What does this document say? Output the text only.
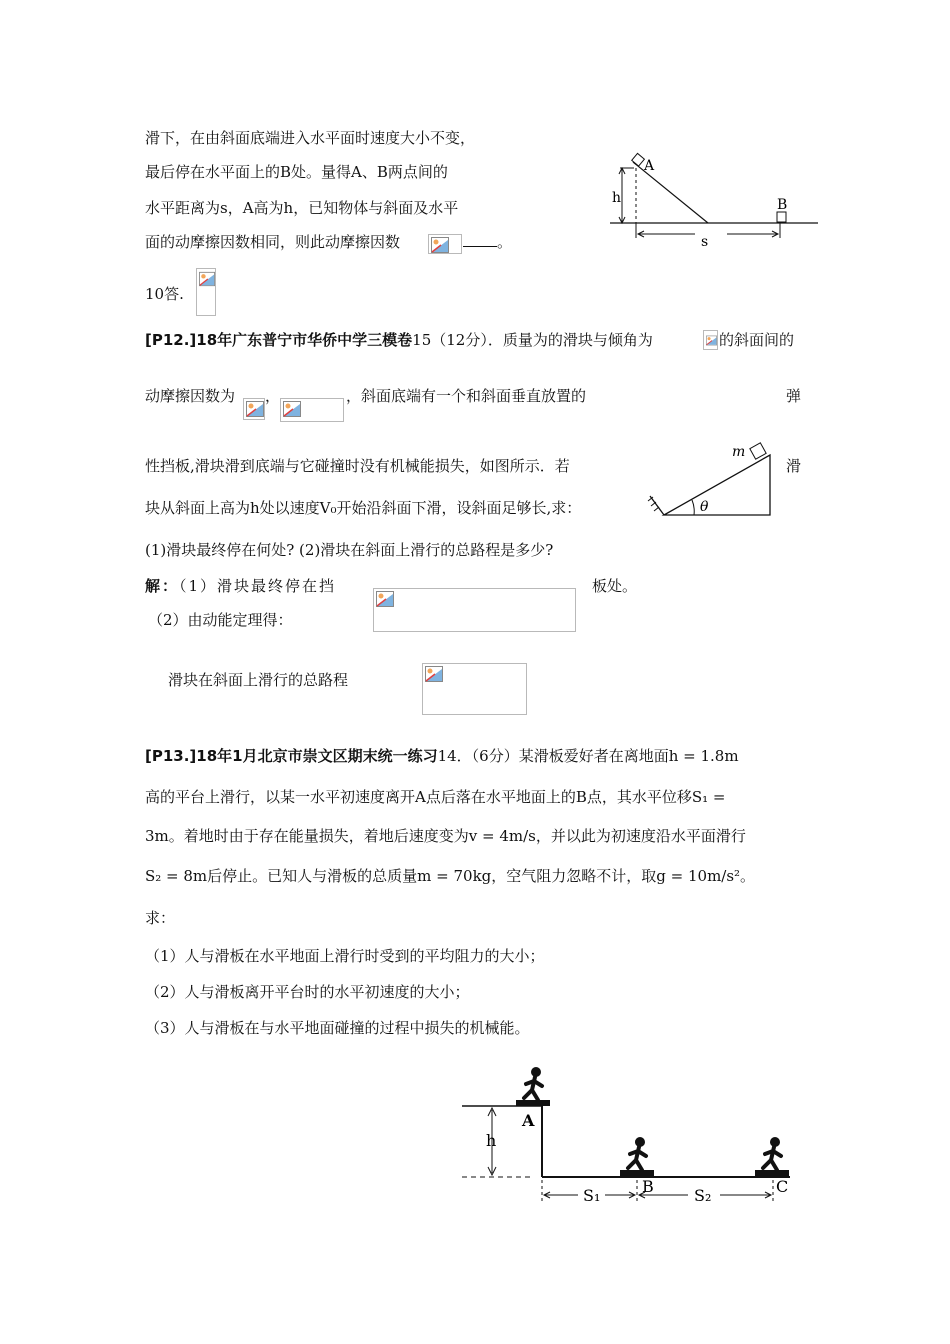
滑下，在由斜面底端进入水平面时速度大小不变，
最后停在水平面上的B处。量得A、B两点间的
水平距离为s，A高为h，已知物体与斜面及水平
面的动摩擦因数相同，则此动摩擦因数	。
10答.
A
h
s
B
[P12.]18年广东普宁市华侨中学三模卷15（12分）．质量为的滑块与倾角为	的斜面间的
动摩擦因数为 ，	，斜面底端有一个和斜面垂直放置的	弹
性挡板,滑块滑到底端与它碰撞时没有机械能损失，如图所示．若	滑
块从斜面上高为h处以速度V₀开始沿斜面下滑，设斜面足够长,求：
m
θ
(1)滑块最终停在何处? (2)滑块在斜面上滑行的总路程是多少?
解：（1）滑块最终停在挡	板处。
（2）由动能定理得：
滑块在斜面上滑行的总路程
[P13.]18年1月北京市崇文区期末统一练习14．（6分）某滑板爱好者在离地面h = 1.8m
高的平台上滑行，以某一水平初速度离开A点后落在水平地面上的B点，其水平位移S₁ =
3m。着地时由于存在能量损失，着地后速度变为v = 4m/s，并以此为初速度沿水平面滑行
S₂ = 8m后停止。已知人与滑板的总质量m = 70kg，空气阻力忽略不计，取g = 10m/s²。
求：
（1）人与滑板在水平地面上滑行时受到的平均阻力的大小；
（2）人与滑板离开平台时的水平初速度的大小；
（3）人与滑板在与水平地面碰撞的过程中损失的机械能。
h
A
S₁	S₂
B	C
